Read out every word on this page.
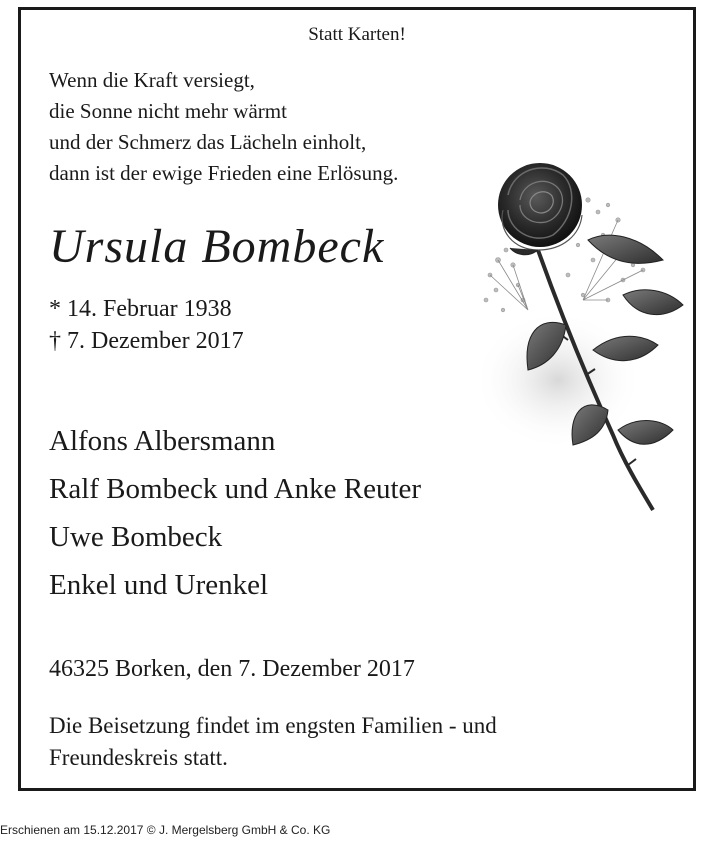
Statt Karten!
Wenn die Kraft versiegt,
die Sonne nicht mehr wärmt
und der Schmerz das Lächeln einholt,
dann ist der ewige Frieden eine Erlösung.
Ursula Bombeck
* 14. Februar 1938
† 7. Dezember 2017
Alfons Albersmann
Ralf Bombeck und Anke Reuter
Uwe Bombeck
Enkel und Urenkel
46325 Borken, den 7. Dezember 2017
Die Beisetzung findet im engsten Familien - und
Freundeskreis statt.
Erschienen am 15.12.2017 © J. Mergelsberg GmbH & Co. KG
